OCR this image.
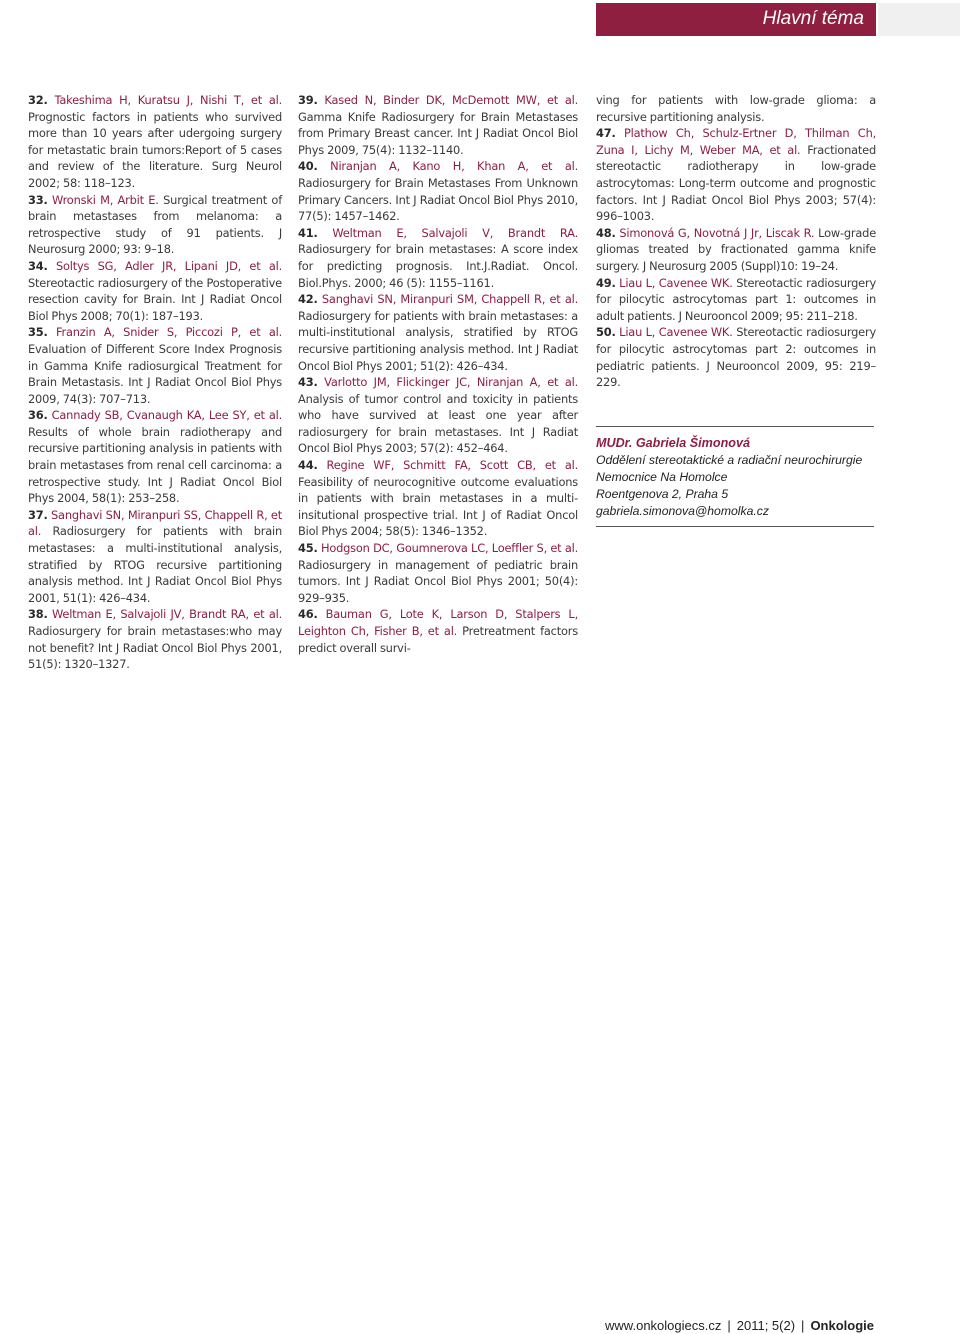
Hlavní téma

32. Takeshima H, Kuratsu J, Nishi T, et al. Prognostic factors in patients who survived more than 10 years after udergoing surgery for metastatic brain tumors:Report of 5 cases and review of the literature. Surg Neurol 2002; 58: 118–123.

33. Wronski M, Arbit E. Surgical treatment of brain metastases from melanoma: a retrospective study of 91 patients. J Neurosurg 2000; 93: 9–18.

34. Soltys SG, Adler JR, Lipani JD, et al. Stereotactic radiosurgery of the Postoperative resection cavity for Brain. Int J Radiat Oncol Biol Phys 2008; 70(1): 187–193.

35. Franzin A, Snider S, Piccozi P, et al. Evaluation of Different Score Index Prognosis in Gamma Knife radiosurgical Treatment for Brain Metastasis. Int J Radiat Oncol Biol Phys 2009, 74(3): 707–713.

36. Cannady SB, Cvanaugh KA, Lee SY, et al. Results of whole brain radiotherapy and recursive partitioning analysis in patients with brain metastases from renal cell carcinoma: a retrospective study. Int J Radiat Oncol Biol Phys 2004, 58(1): 253–258.

37. Sanghavi SN, Miranpuri SS, Chappell R, et al. Radiosurgery for patients with brain metastases: a multi-institutional analysis, stratified by RTOG recursive partitioning analysis method. Int J Radiat Oncol Biol Phys 2001, 51(1): 426–434.

38. Weltman E, Salvajoli JV, Brandt RA, et al. Radiosurgery for brain metastases:who may not benefit? Int J Radiat Oncol Biol Phys 2001, 51(5): 1320–1327.

39. Kased N, Binder DK, McDemott MW, et al. Gamma Knife Radiosurgery for Brain Metastases from Primary Breast cancer. Int J Radiat Oncol Biol Phys 2009, 75(4): 1132–1140.

40. Niranjan A, Kano H, Khan A, et al. Radiosurgery for Brain Metastases From Unknown Primary Cancers. Int J Radiat Oncol Biol Phys 2010, 77(5): 1457–1462.

41. Weltman E, Salvajoli V, Brandt RA. Radiosurgery for brain metastases: A score index for predicting prognosis. Int.J.Radiat. Oncol. Biol.Phys. 2000; 46 (5): 1155–1161.

42. Sanghavi SN, Miranpuri SM, Chappell R, et al. Radiosurgery for patients with brain metastases: a multi-institutional analysis, stratified by RTOG recursive partitioning analysis method. Int J Radiat Oncol Biol Phys 2001; 51(2): 426–434.

43. Varlotto JM, Flickinger JC, Niranjan A, et al. Analysis of tumor control and toxicity in patients who have survived at least one year after radiosurgery for brain metastases. Int J Radiat Oncol Biol Phys 2003; 57(2): 452–464.

44. Regine WF, Schmitt FA, Scott CB, et al. Feasibility of neurocognitive outcome evaluations in patients with brain metastases in a multi-insitutional prospective trial. Int J of Radiat Oncol Biol Phys 2004; 58(5): 1346–1352.

45. Hodgson DC, Goumnerova LC, Loeffler S, et al. Radiosurgery in management of pediatric brain tumors. Int J Radiat Oncol Biol Phys 2001; 50(4): 929–935.

46. Bauman G, Lote K, Larson D, Stalpers L, Leighton Ch, Fisher B, et al. Pretreatment factors predict overall survi-

ving for patients with low-grade glioma: a recursive partitioning analysis.

47. Plathow Ch, Schulz-Ertner D, Thilman Ch, Zuna I, Lichy M, Weber MA, et al. Fractionated stereotactic radiotherapy in low-grade astrocytomas: Long-term outcome and prognostic factors. Int J Radiat Oncol Biol Phys 2003; 57(4): 996–1003.

48. Simonová G, Novotná J Jr, Liscak R. Low-grade gliomas treated by fractionated gamma knife surgery. J Neurosurg 2005 (Suppl)10: 19–24.

49. Liau L, Cavenee WK. Stereotactic radiosurgery for pilocytic astrocytomas part 1: outcomes in adult patients. J Neurooncol 2009; 95: 211–218.

50. Liau L, Cavenee WK. Stereotactic radiosurgery for pilocytic astrocytomas part 2: outcomes in pediatric patients. J Neurooncol 2009, 95: 219–229.

MUDr. Gabriela Šimonová
Oddělení stereotaktické a radiační neurochirurgie
Nemocnice Na Homolce
Roentgenova 2, Praha 5
gabriela.simonova@homolka.cz
www.onkologiecs.cz | 2011; 5(2) | Onkologie
